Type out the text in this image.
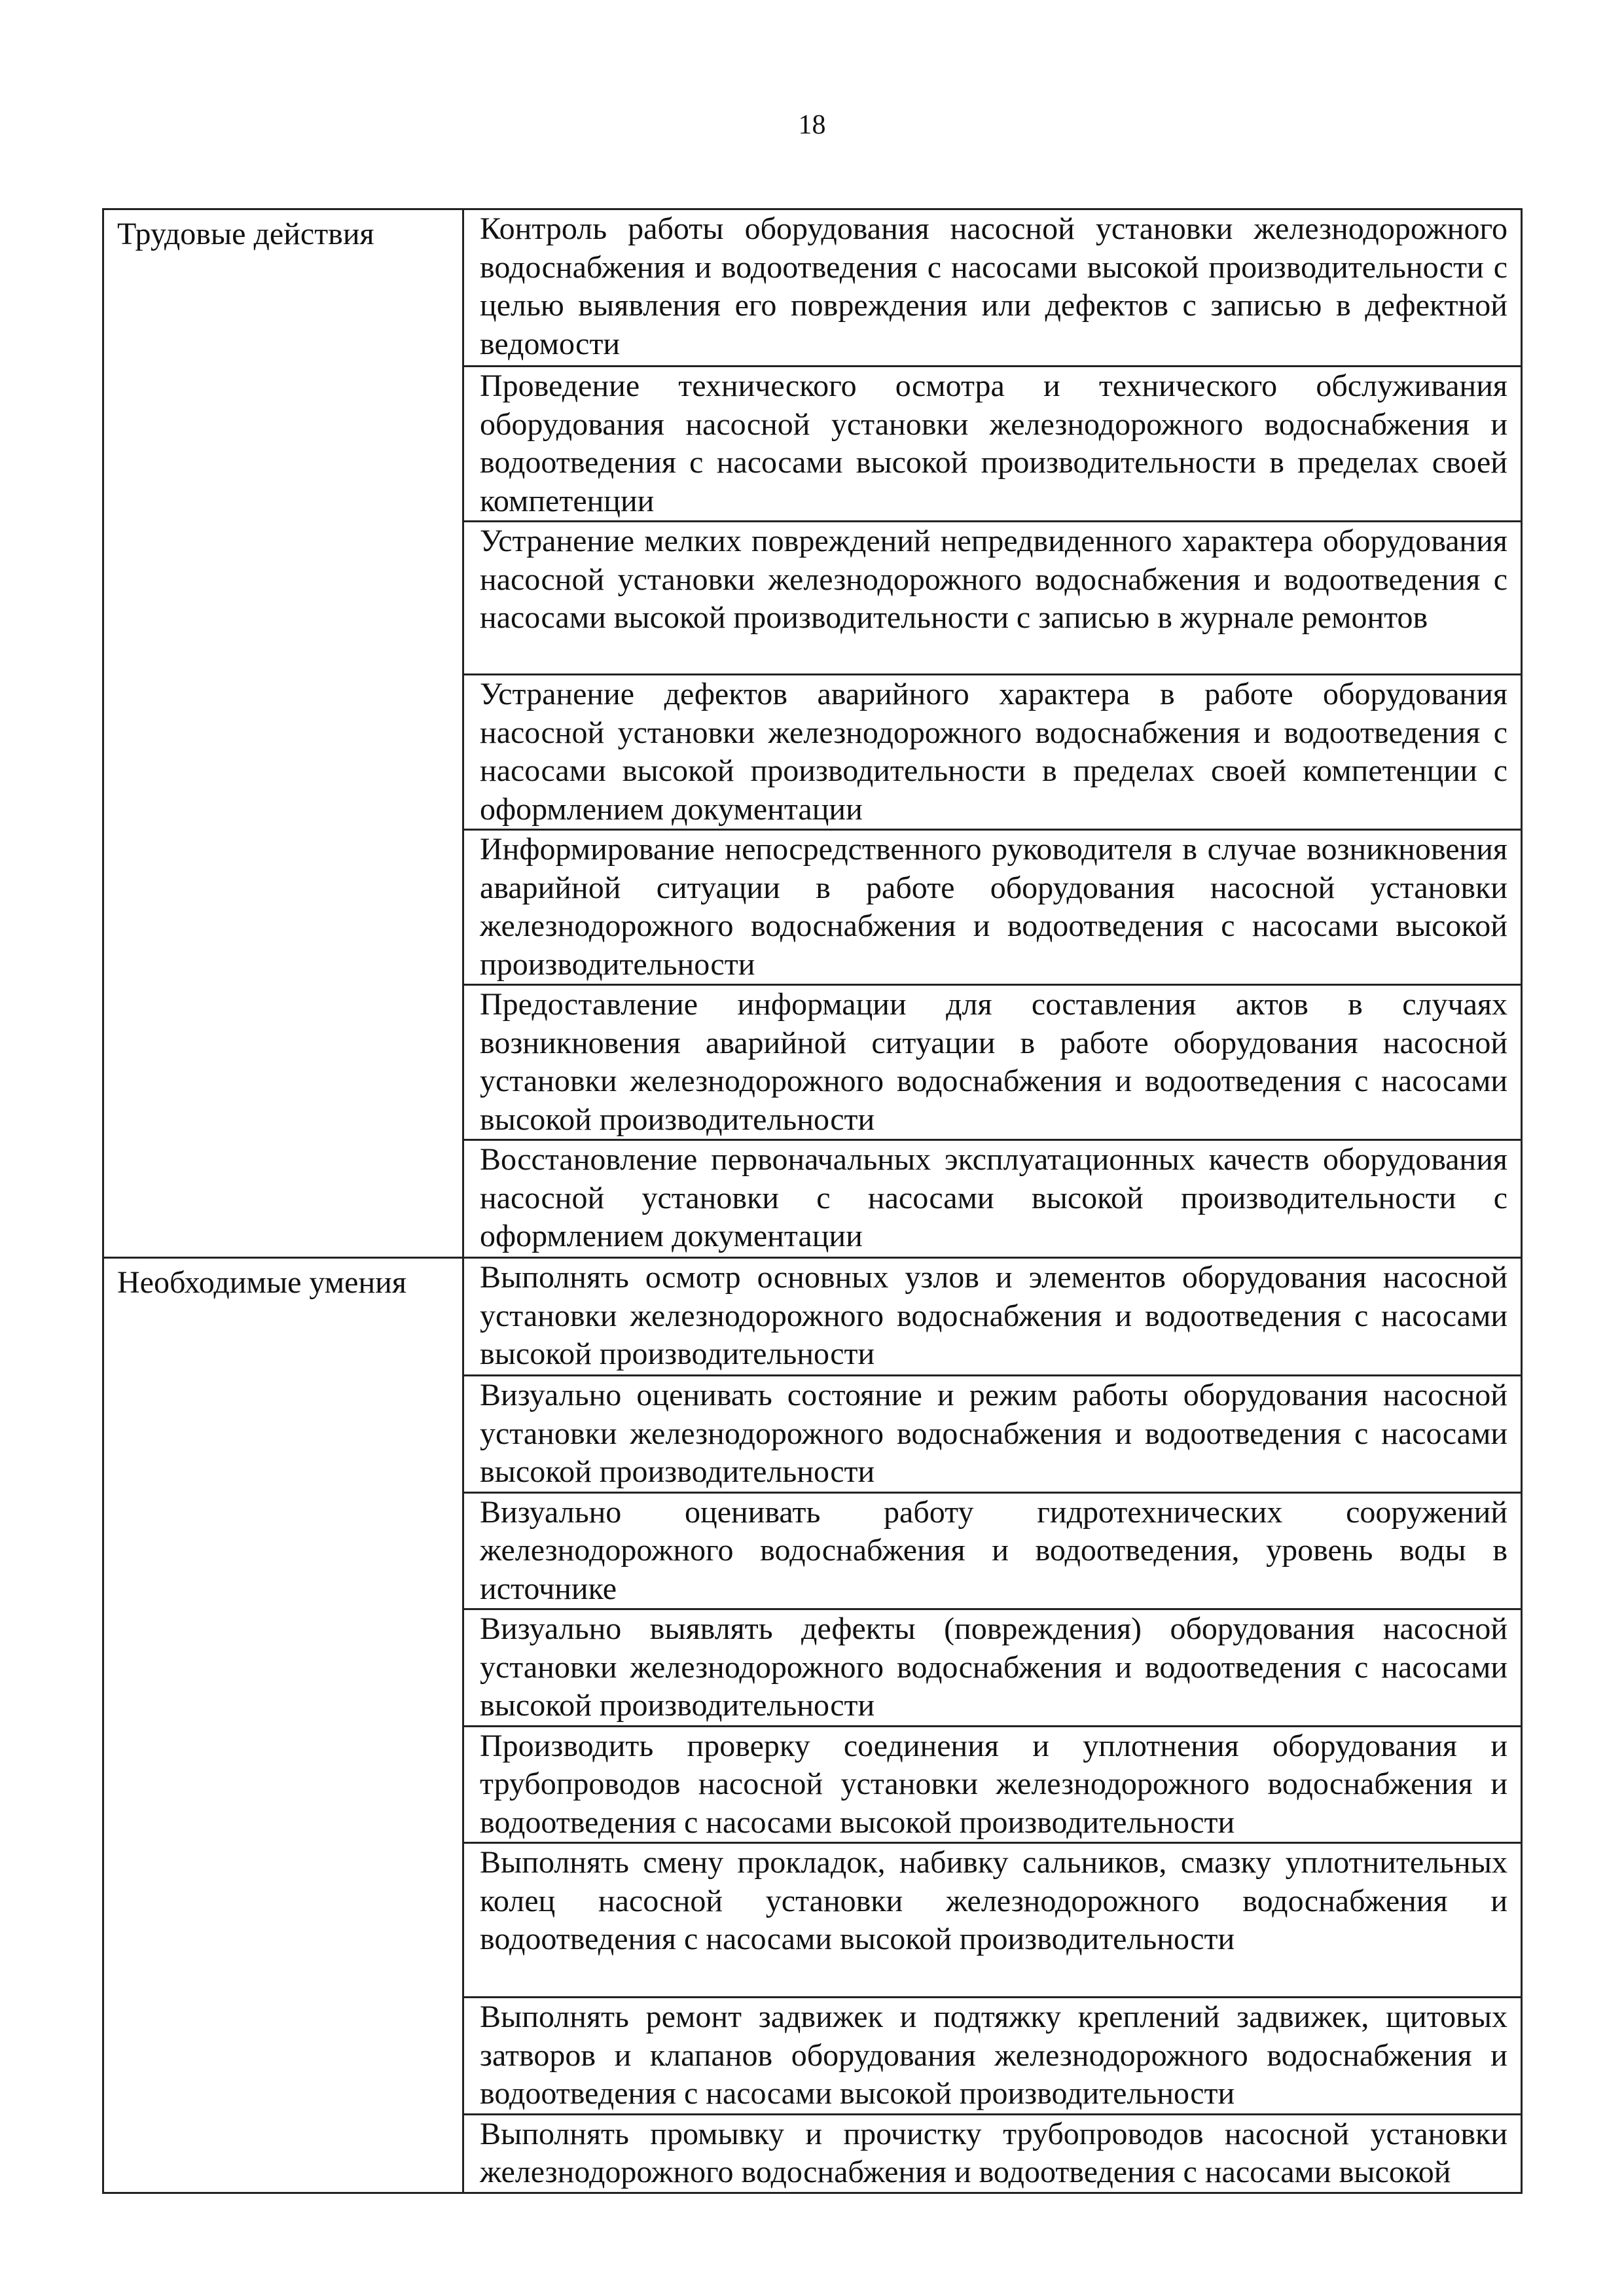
18
Трудовые действия	Контроль работы оборудования насосной установки железнодорожного водоснабжения и водоотведения с насосами высокой производительности с целью выявления его повреждения или дефектов с записью в дефектной ведомости
	Проведение технического осмотра и технического обслуживания оборудования насосной установки железнодорожного водоснабжения и водоотведения с насосами высокой производительности в пределах своей компетенции
	Устранение мелких повреждений непредвиденного характера оборудования насосной установки железнодорожного водоснабжения и водоотведения с насосами высокой производительности с записью в журнале ремонтов
	Устранение дефектов аварийного характера в работе оборудования насосной установки железнодорожного водоснабжения и водоотведения с насосами высокой производительности в пределах своей компетенции с оформлением документации
	Информирование непосредственного руководителя в случае возникновения аварийной ситуации в работе оборудования насосной установки железнодорожного водоснабжения и водоотведения с насосами высокой производительности
	Предоставление информации для составления актов в случаях возникновения аварийной ситуации в работе оборудования насосной установки железнодорожного водоснабжения и водоотведения с насосами высокой производительности
	Восстановление первоначальных эксплуатационных качеств оборудования насосной установки с насосами высокой производительности с оформлением документации
Необходимые умения	Выполнять осмотр основных узлов и элементов оборудования насосной установки железнодорожного водоснабжения и водоотведения с насосами высокой производительности
	Визуально оценивать состояние и режим работы оборудования насосной установки железнодорожного водоснабжения и водоотведения с насосами высокой производительности
	Визуально оценивать работу гидротехнических сооружений железнодорожного водоснабжения и водоотведения, уровень воды в источнике
	Визуально выявлять дефекты (повреждения) оборудования насосной установки железнодорожного водоснабжения и водоотведения с насосами высокой производительности
	Производить проверку соединения и уплотнения оборудования и трубопроводов насосной установки железнодорожного водоснабжения и водоотведения с насосами высокой производительности
	Выполнять смену прокладок, набивку сальников, смазку уплотнительных колец насосной установки железнодорожного водоснабжения и водоотведения с насосами высокой производительности
	Выполнять ремонт задвижек и подтяжку креплений задвижек, щитовых затворов и клапанов оборудования железнодорожного водоснабжения и водоотведения с насосами высокой производительности
	Выполнять промывку и прочистку трубопроводов насосной установки железнодорожного водоснабжения и водоотведения с насосами высокой
